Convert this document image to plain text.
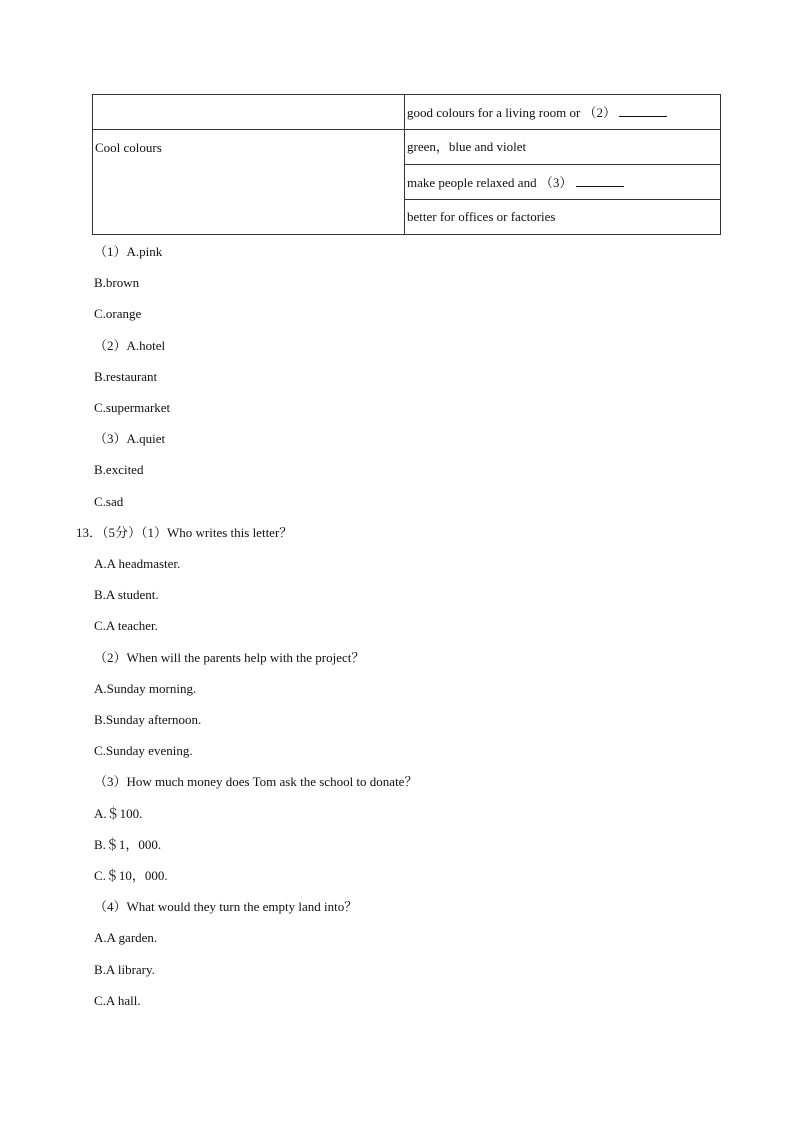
	good colours for a living room or （2）
Cool colours	green，blue and violet
	make people relaxed and （3）
	better for offices or factories
（1）A.pink
B.brown
C.orange
（2）A.hotel
B.restaurant
C.supermarket
（3）A.quiet
B.excited
C.sad
13．（5分）（1）Who writes this letter？
A.A headmaster.
B.A student.
C.A teacher.
（2）When will the parents help with the project？
A.Sunday morning.
B.Sunday afternoon.
C.Sunday evening.
（3）How much money does Tom ask the school to donate？
A.＄100.
B.＄1，000.
C.＄10，000.
（4）What would they turn the empty land into？
A.A garden.
B.A library.
C.A hall.
